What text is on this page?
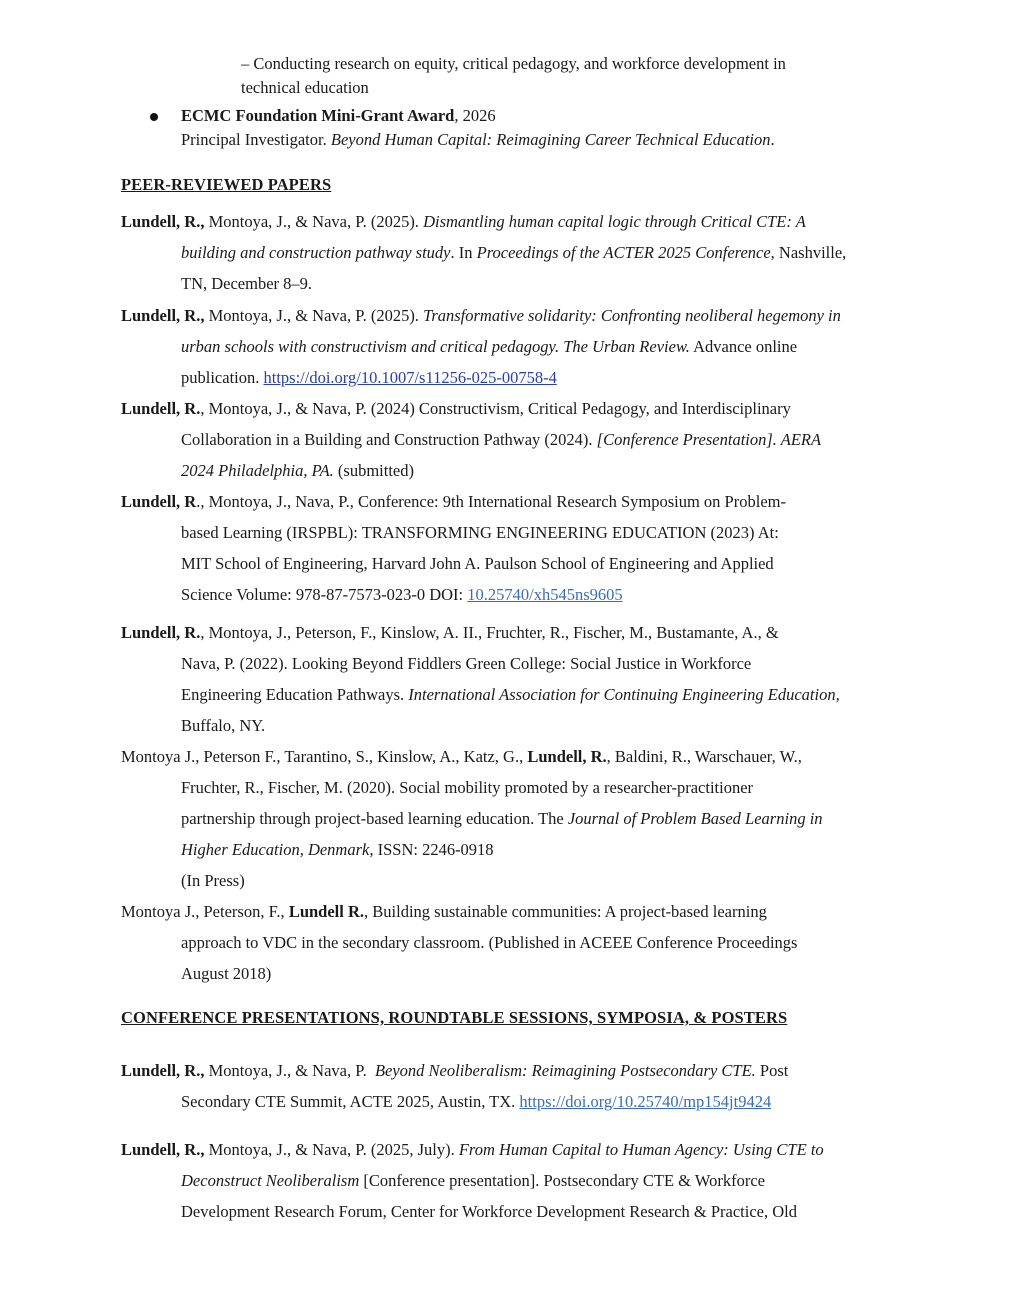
– Conducting research on equity, critical pedagogy, and workforce development in
technical education
ECMC Foundation Mini-Grant Award, 2026
Principal Investigator. Beyond Human Capital: Reimagining Career Technical Education.
PEER-REVIEWED PAPERS
Lundell, R., Montoya, J., & Nava, P. (2025). Dismantling human capital logic through Critical CTE: A
building and construction pathway study. In Proceedings of the ACTER 2025 Conference, Nashville,
TN, December 8–9.
Lundell, R., Montoya, J., & Nava, P. (2025). Transformative solidarity: Confronting neoliberal hegemony in
urban schools with constructivism and critical pedagogy. The Urban Review. Advance online
publication. https://doi.org/10.1007/s11256-025-00758-4
Lundell, R., Montoya, J., & Nava, P. (2024) Constructivism, Critical Pedagogy, and Interdisciplinary
Collaboration in a Building and Construction Pathway (2024). [Conference Presentation]. AERA
2024 Philadelphia, PA. (submitted)
Lundell, R., Montoya, J., Nava, P., Conference: 9th International Research Symposium on Problem-
based Learning (IRSPBL): TRANSFORMING ENGINEERING EDUCATION (2023) At:
MIT School of Engineering, Harvard John A. Paulson School of Engineering and Applied
Science Volume: 978-87-7573-023-0 DOI: 10.25740/xh545ns9605
Lundell, R., Montoya, J., Peterson, F., Kinslow, A. II., Fruchter, R., Fischer, M., Bustamante, A., &
Nava, P. (2022). Looking Beyond Fiddlers Green College: Social Justice in Workforce
Engineering Education Pathways. International Association for Continuing Engineering Education,
Buffalo, NY.
Montoya J., Peterson F., Tarantino, S., Kinslow, A., Katz, G., Lundell, R., Baldini, R., Warschauer, W.,
Fruchter, R., Fischer, M. (2020). Social mobility promoted by a researcher-practitioner
partnership through project-based learning education. The Journal of Problem Based Learning in
Higher Education, Denmark, ISSN: 2246-0918
(In Press)
Montoya J., Peterson, F., Lundell R., Building sustainable communities: A project-based learning
approach to VDC in the secondary classroom. (Published in ACEEE Conference Proceedings
August 2018)
CONFERENCE PRESENTATIONS, ROUNDTABLE SESSIONS, SYMPOSIA, & POSTERS
Lundell, R., Montoya, J., & Nava, P.  Beyond Neoliberalism: Reimagining Postsecondary CTE. Post
Secondary CTE Summit, ACTE 2025, Austin, TX. https://doi.org/10.25740/mp154jt9424
Lundell, R., Montoya, J., & Nava, P. (2025, July). From Human Capital to Human Agency: Using CTE to
Deconstruct Neoliberalism [Conference presentation]. Postsecondary CTE & Workforce
Development Research Forum, Center for Workforce Development Research & Practice, Old
